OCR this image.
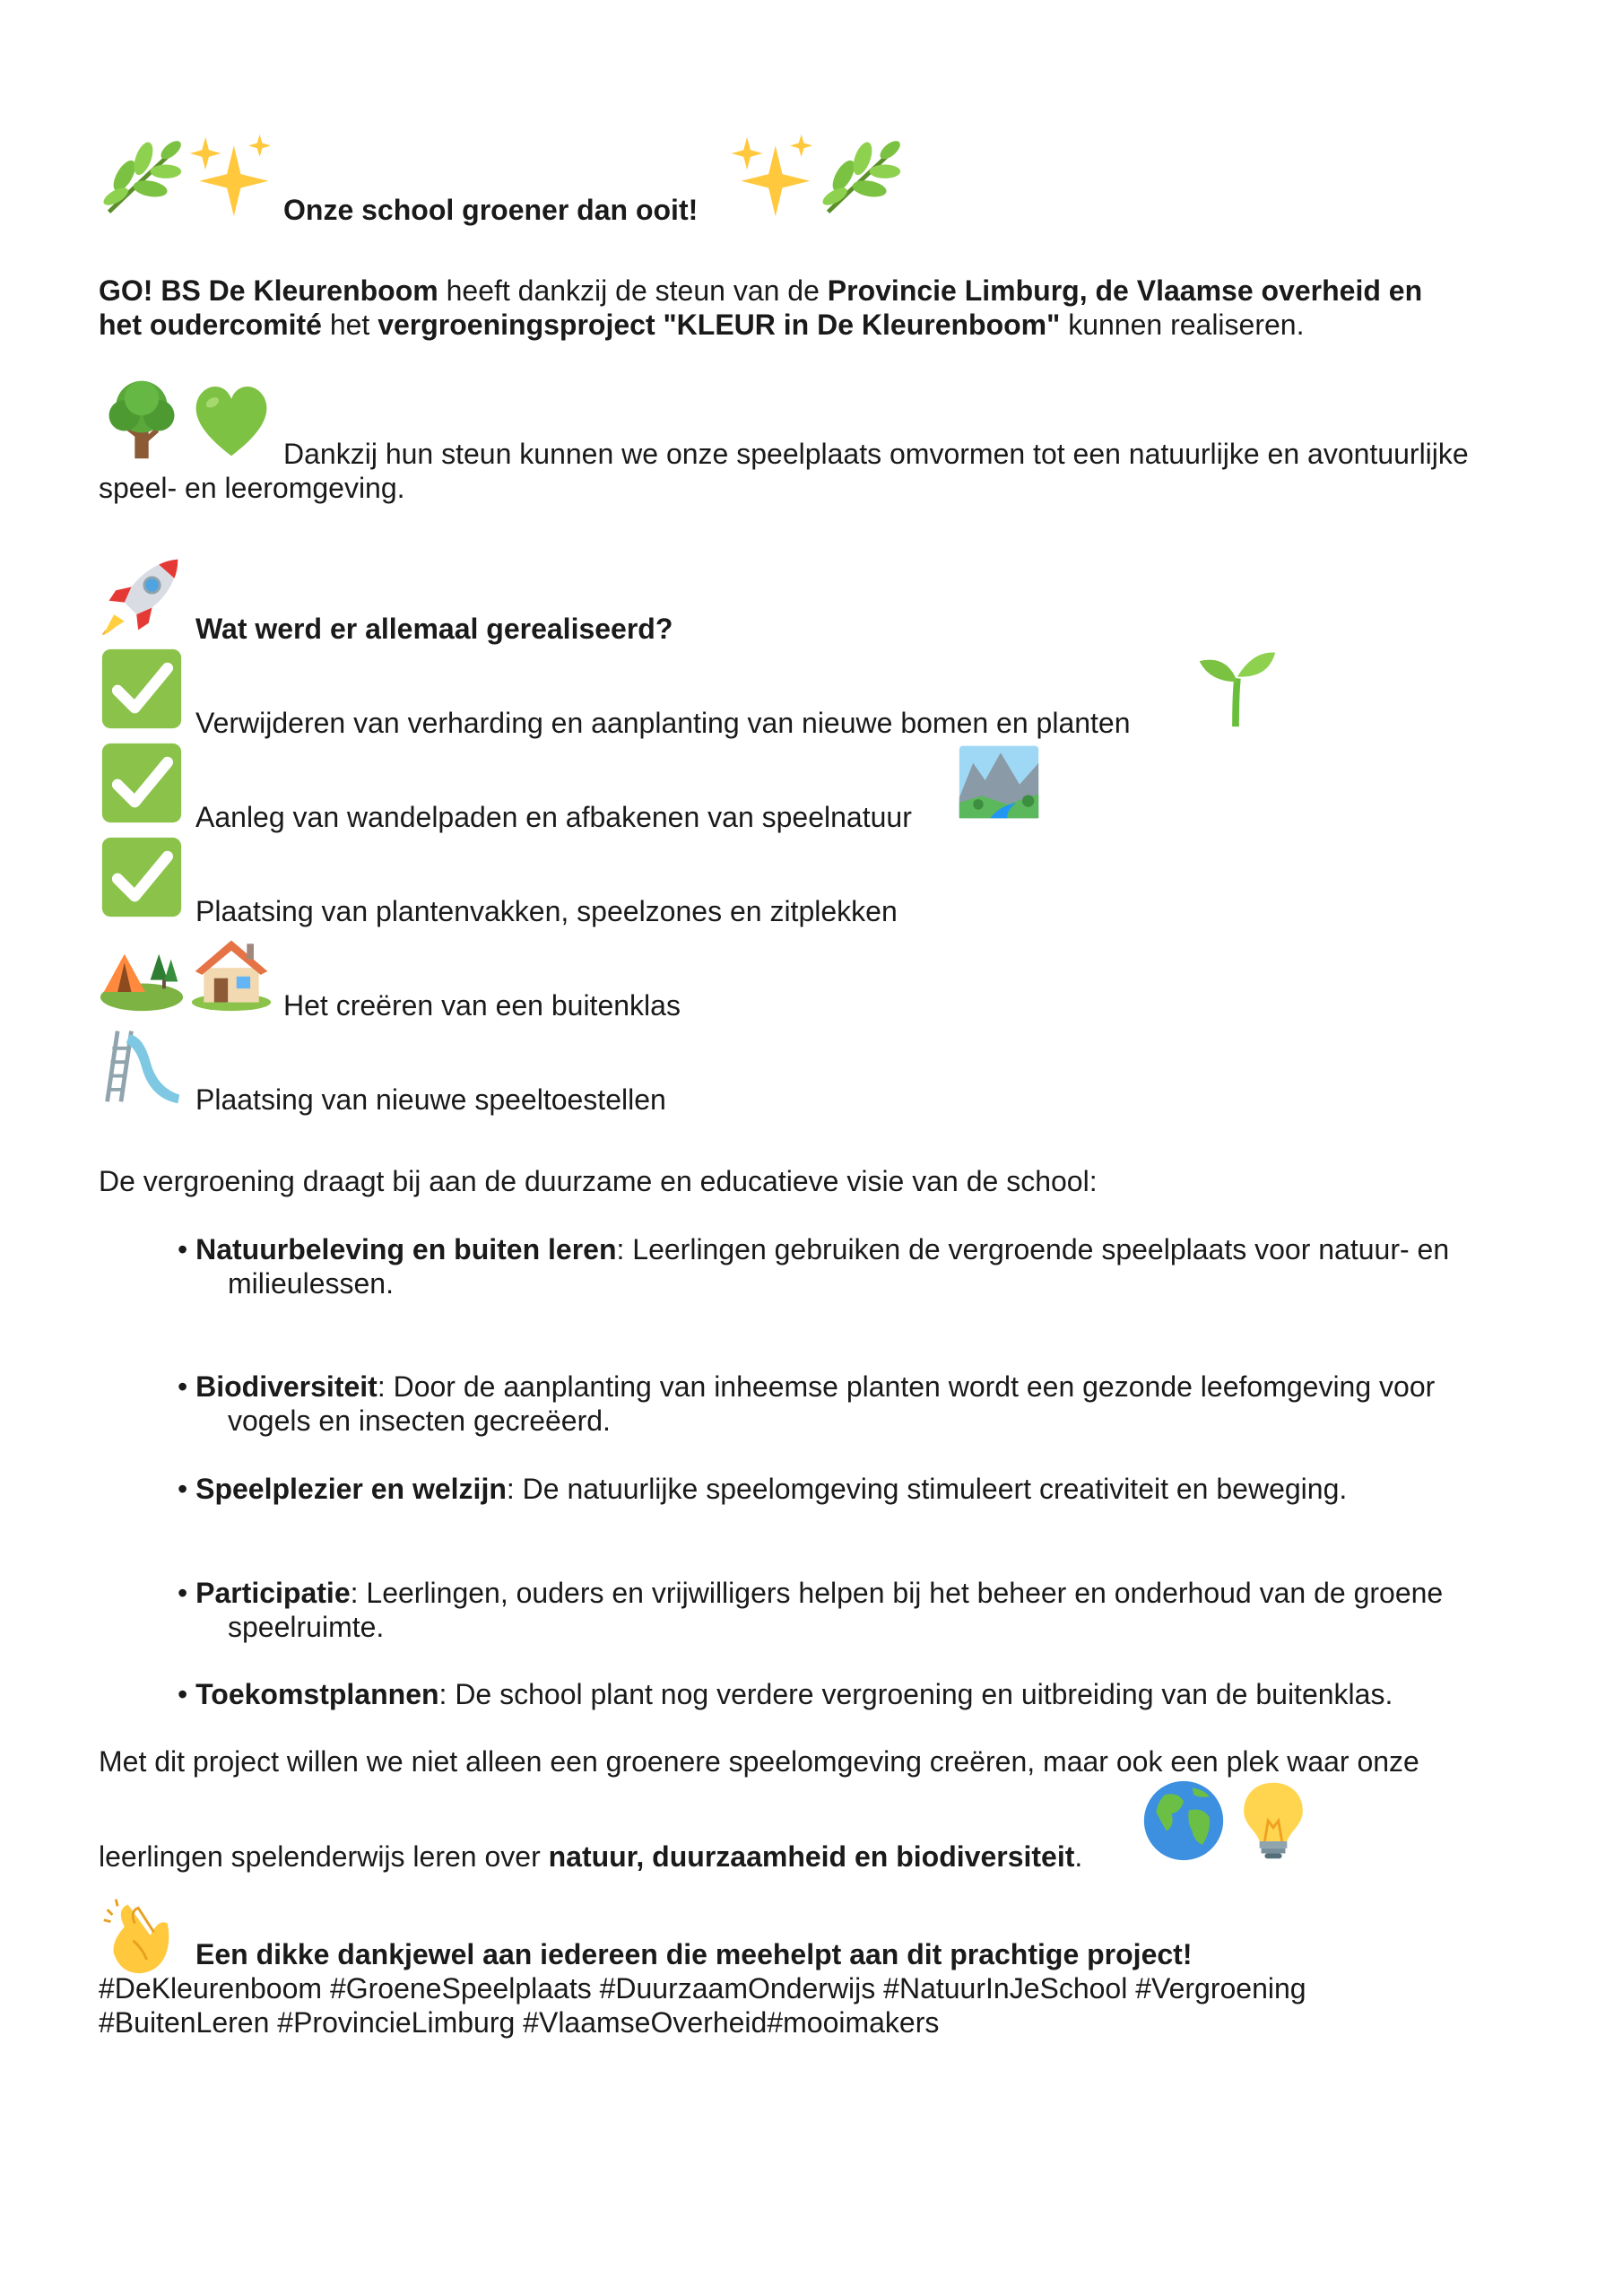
Onze school groener dan ooit!
GO! BS De Kleurenboom heeft dankzij de steun van de Provincie Limburg, de Vlaamse overheid en
het oudercomité het vergroeningsproject "KLEUR in De Kleurenboom" kunnen realiseren.
Dankzij hun steun kunnen we onze speelplaats omvormen tot een natuurlijke en avontuurlijke
speel- en leeromgeving.
Wat werd er allemaal gerealiseerd?
Verwijderen van verharding en aanplanting van nieuwe bomen en planten
Aanleg van wandelpaden en afbakenen van speelnatuur
Plaatsing van plantenvakken, speelzones en zitplekken
Het creëren van een buitenklas
Plaatsing van nieuwe speeltoestellen
De vergroening draagt bij aan de duurzame en educatieve visie van de school:
• Natuurbeleving en buiten leren: Leerlingen gebruiken de vergroende speelplaats voor natuur- en
milieulessen.
• Biodiversiteit: Door de aanplanting van inheemse planten wordt een gezonde leefomgeving voor
vogels en insecten gecreëerd.
• Speelplezier en welzijn: De natuurlijke speelomgeving stimuleert creativiteit en beweging.
• Participatie: Leerlingen, ouders en vrijwilligers helpen bij het beheer en onderhoud van de groene
speelruimte.
• Toekomstplannen: De school plant nog verdere vergroening en uitbreiding van de buitenklas.
Met dit project willen we niet alleen een groenere speelomgeving creëren, maar ook een plek waar onze
leerlingen spelenderwijs leren over natuur, duurzaamheid en biodiversiteit.
Een dikke dankjewel aan iedereen die meehelpt aan dit prachtige project!
#DeKleurenboom #GroeneSpeelplaats #DuurzaamOnderwijs #NatuurInJeSchool #Vergroening
#BuitenLeren #ProvincieLimburg #VlaamseOverheid#mooimakers
